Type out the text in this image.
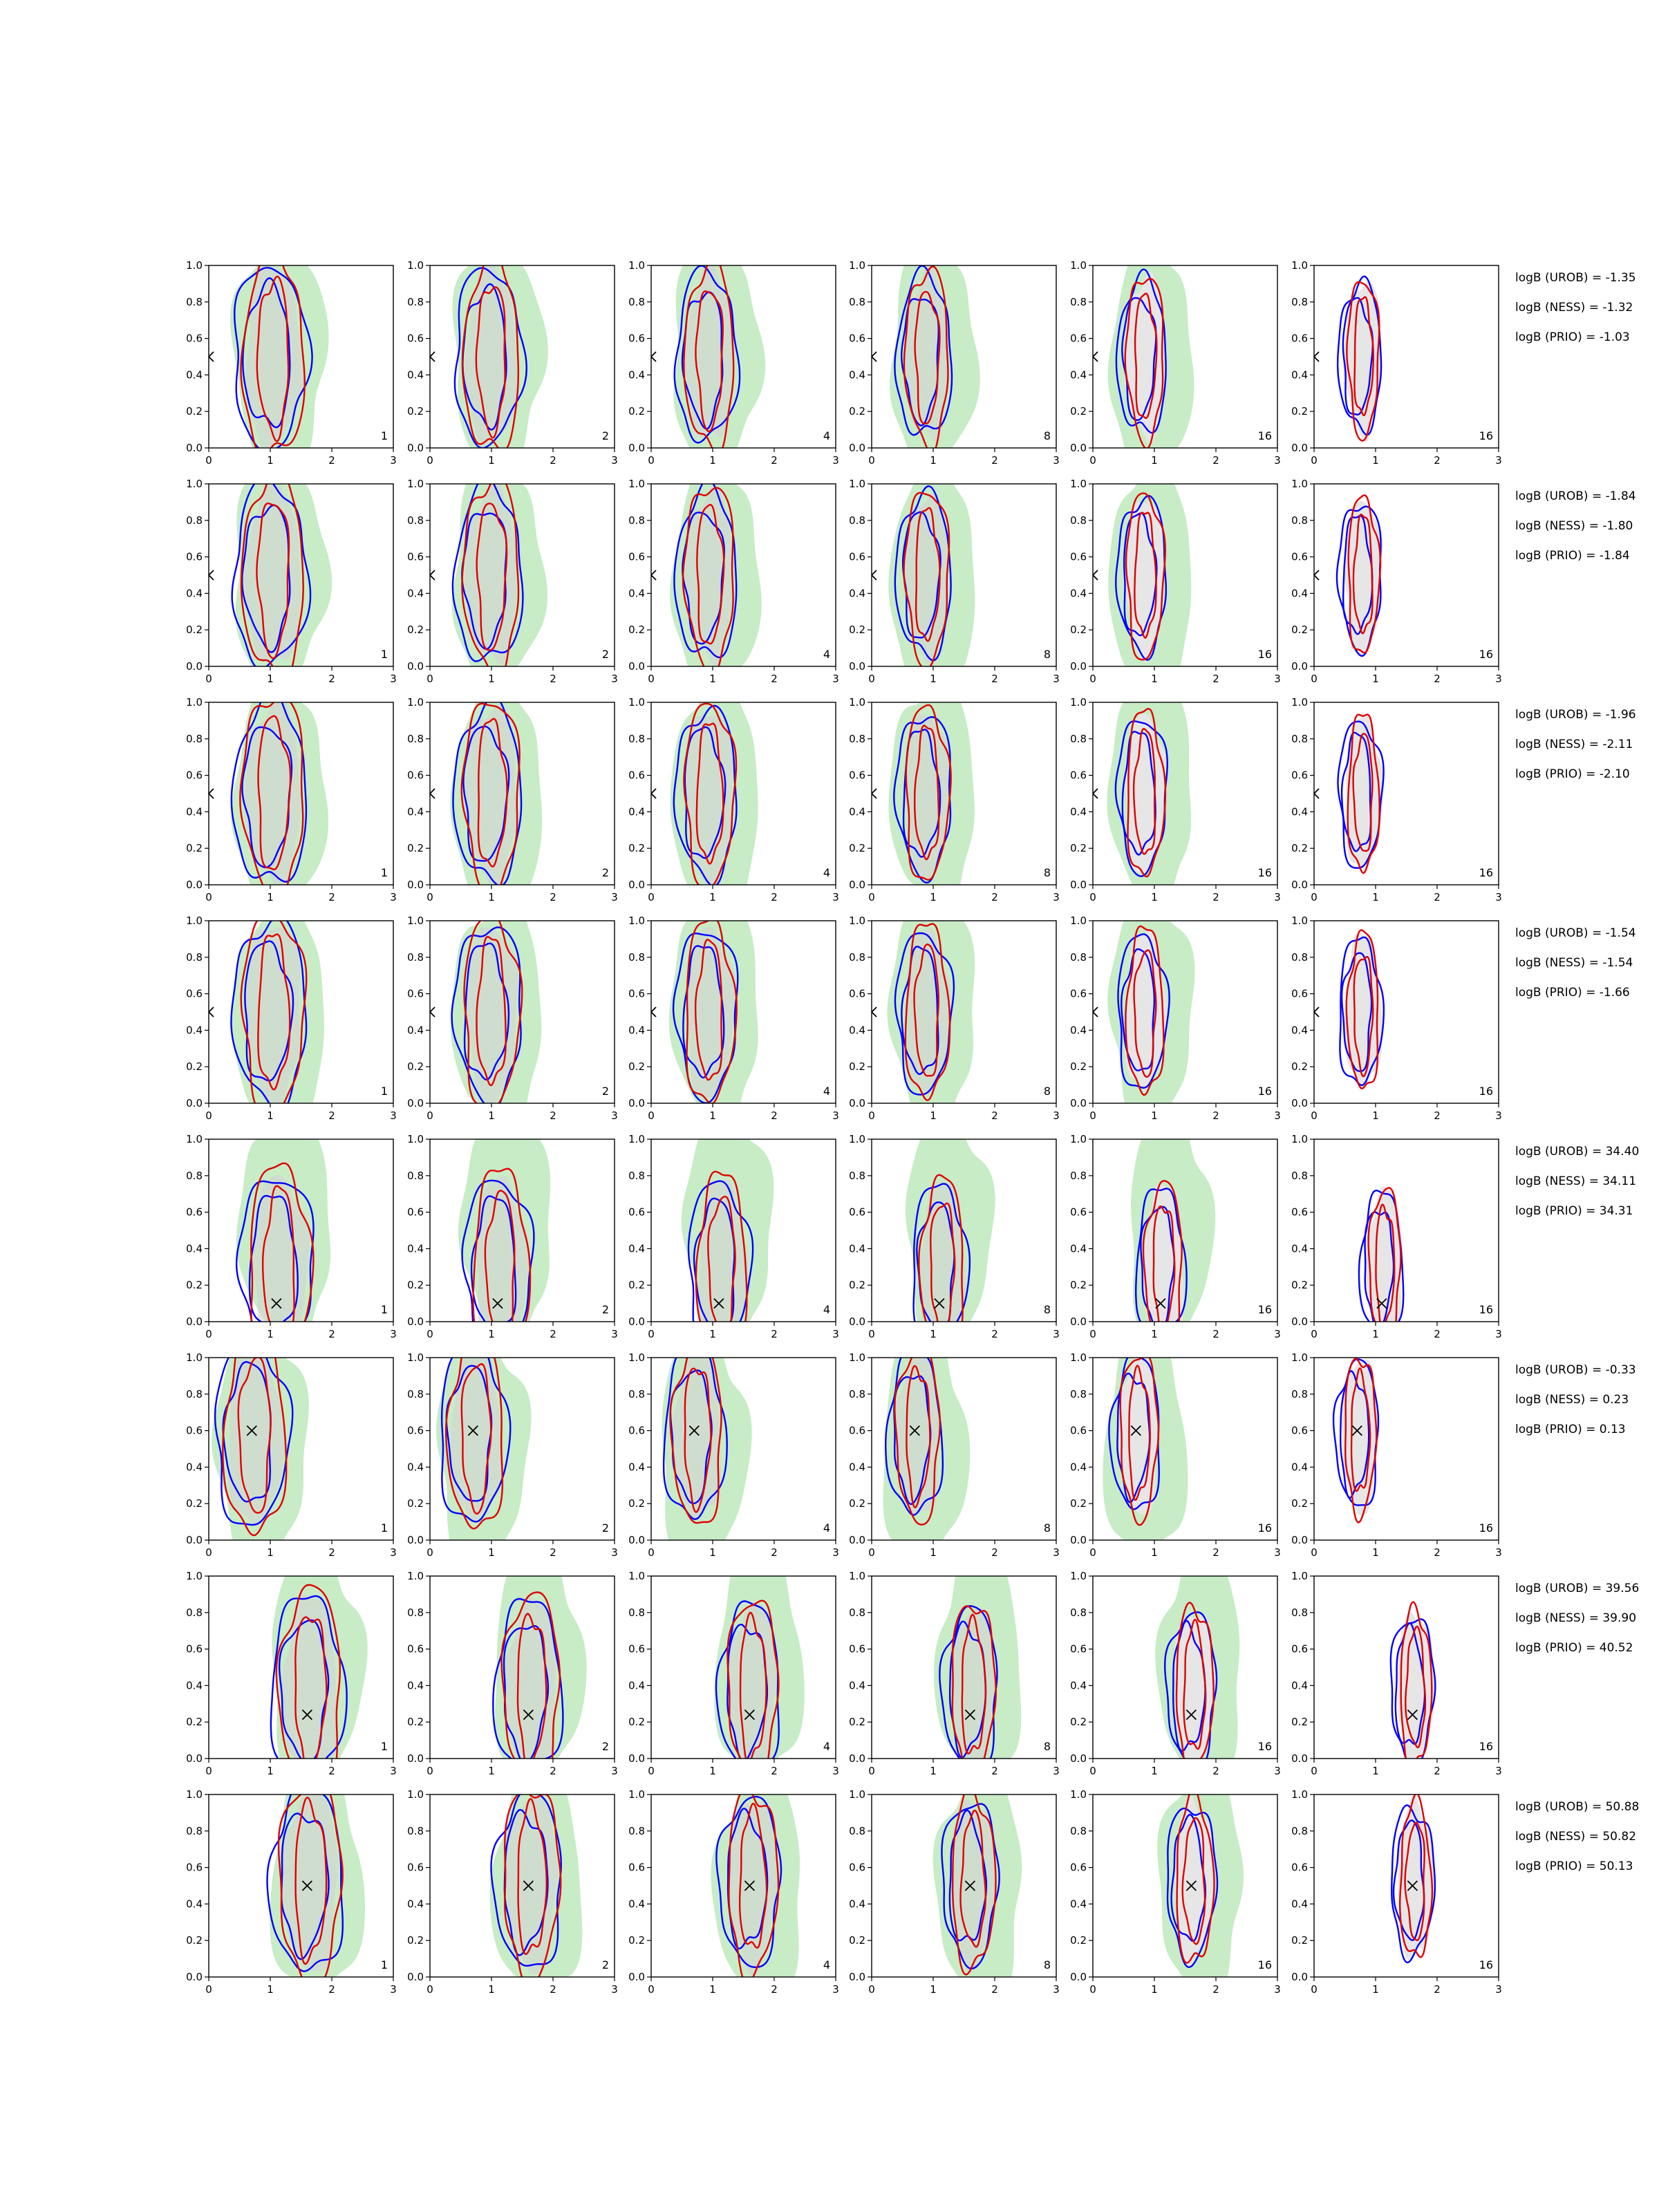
0	1	2	3
0.0
0.2
0.4
0.6
0.8
1.0
1
0	1	2	3
0.0
0.2
0.4
0.6
0.8
1.0
2
0	1	2	3
0.0
0.2
0.4
0.6
0.8
1.0
4
0	1	2	3
0.0
0.2
0.4
0.6
0.8
1.0
8
0	1	2	3
0.0
0.2
0.4
0.6
0.8
1.0
16
0	1	2	3
0.0
0.2
0.4
0.6
0.8
1.0
16
0	1	2	3
0.0
0.2
0.4
0.6
0.8
1.0
1
0	1	2	3
0.0
0.2
0.4
0.6
0.8
1.0
2
0	1	2	3
0.0
0.2
0.4
0.6
0.8
1.0
4
0	1	2	3
0.0
0.2
0.4
0.6
0.8
1.0
8
0	1	2	3
0.0
0.2
0.4
0.6
0.8
1.0
16
0	1	2	3
0.0
0.2
0.4
0.6
0.8
1.0
16
0	1	2	3
0.0
0.2
0.4
0.6
0.8
1.0
1
0	1	2	3
0.0
0.2
0.4
0.6
0.8
1.0
2
0	1	2	3
0.0
0.2
0.4
0.6
0.8
1.0
4
0	1	2	3
0.0
0.2
0.4
0.6
0.8
1.0
8
0	1	2	3
0.0
0.2
0.4
0.6
0.8
1.0
16
0	1	2	3
0.0
0.2
0.4
0.6
0.8
1.0
16
0	1	2	3
0.0
0.2
0.4
0.6
0.8
1.0
1
0	1	2	3
0.0
0.2
0.4
0.6
0.8
1.0
2
0	1	2	3
0.0
0.2
0.4
0.6
0.8
1.0
4
0	1	2	3
0.0
0.2
0.4
0.6
0.8
1.0
8
0	1	2	3
0.0
0.2
0.4
0.6
0.8
1.0
16
0	1	2	3
0.0
0.2
0.4
0.6
0.8
1.0
16
0	1	2	3
0.0
0.2
0.4
0.6
0.8
1.0
1
0	1	2	3
0.0
0.2
0.4
0.6
0.8
1.0
2
0	1	2	3
0.0
0.2
0.4
0.6
0.8
1.0
4
0	1	2	3
0.0
0.2
0.4
0.6
0.8
1.0
8
0	1	2	3
0.0
0.2
0.4
0.6
0.8
1.0
16
0	1	2	3
0.0
0.2
0.4
0.6
0.8
1.0
16
0	1	2	3
0.0
0.2
0.4
0.6
0.8
1.0
1
0	1	2	3
0.0
0.2
0.4
0.6
0.8
1.0
2
0	1	2	3
0.0
0.2
0.4
0.6
0.8
1.0
4
0	1	2	3
0.0
0.2
0.4
0.6
0.8
1.0
8
0	1	2	3
0.0
0.2
0.4
0.6
0.8
1.0
16
0	1	2	3
0.0
0.2
0.4
0.6
0.8
1.0
16
0	1	2	3
0.0
0.2
0.4
0.6
0.8
1.0
1
0	1	2	3
0.0
0.2
0.4
0.6
0.8
1.0
2
0	1	2	3
0.0
0.2
0.4
0.6
0.8
1.0
4
0	1	2	3
0.0
0.2
0.4
0.6
0.8
1.0
8
0	1	2	3
0.0
0.2
0.4
0.6
0.8
1.0
16
0	1	2	3
0.0
0.2
0.4
0.6
0.8
1.0
16
0	1	2	3
0.0
0.2
0.4
0.6
0.8
1.0
1
0	1	2	3
0.0
0.2
0.4
0.6
0.8
1.0
2
0	1	2	3
0.0
0.2
0.4
0.6
0.8
1.0
4
0	1	2	3
0.0
0.2
0.4
0.6
0.8
1.0
8
0	1	2	3
0.0
0.2
0.4
0.6
0.8
1.0
16
0	1	2	3
0.0
0.2
0.4
0.6
0.8
1.0
16
logB (UROB) = -1.35
logB (NESS) = -1.32
logB (PRIO) = -1.03
logB (UROB) = -1.84
logB (NESS) = -1.80
logB (PRIO) = -1.84
logB (UROB) = -1.96
logB (NESS) = -2.11
logB (PRIO) = -2.10
logB (UROB) = -1.54
logB (NESS) = -1.54
logB (PRIO) = -1.66
logB (UROB) = 34.40
logB (NESS) = 34.11
logB (PRIO) = 34.31
logB (UROB) = -0.33
logB (NESS) = 0.23
logB (PRIO) = 0.13
logB (UROB) = 39.56
logB (NESS) = 39.90
logB (PRIO) = 40.52
logB (UROB) = 50.88
logB (NESS) = 50.82
logB (PRIO) = 50.13
